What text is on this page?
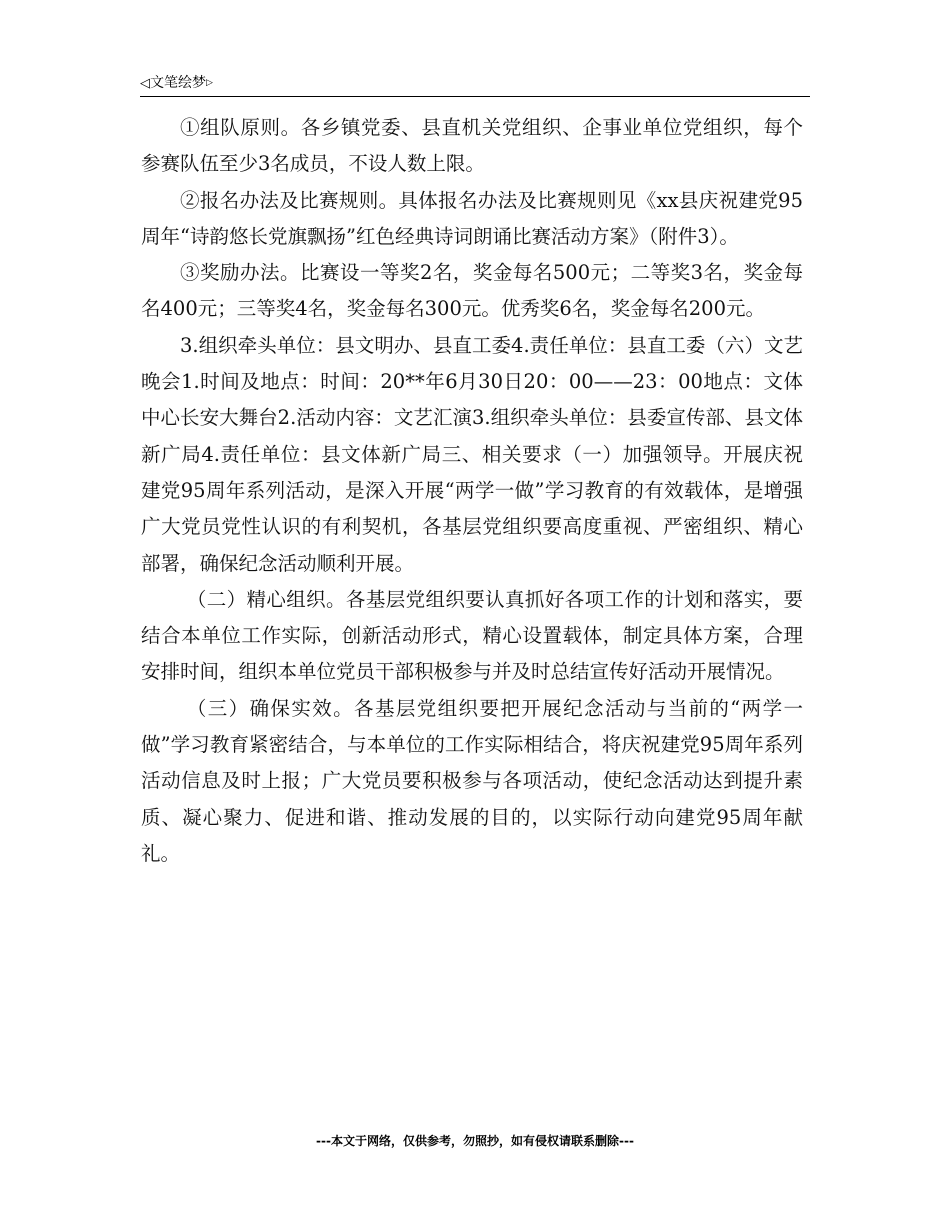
◁文笔绘梦▷

①组队原则。各乡镇党委、县直机关党组织、企事业单位党组织，每个参赛队伍至少3名成员，不设人数上限。

②报名办法及比赛规则。具体报名办法及比赛规则见《xx县庆祝建党95周年“诗韵悠长党旗飘扬”红色经典诗词朗诵比赛活动方案》（附件3）。

③奖励办法。比赛设一等奖2名，奖金每名500元；二等奖3名，奖金每名400元；三等奖4名，奖金每名300元。优秀奖6名，奖金每名200元。

3.组织牵头单位：县文明办、县直工委4.责任单位：县直工委（六）文艺晚会1.时间及地点：时间：20**年6月30日20：00——23：00地点：文体中心长安大舞台2.活动内容：文艺汇演3.组织牵头单位：县委宣传部、县文体新广局4.责任单位：县文体新广局三、相关要求（一）加强领导。开展庆祝建党95周年系列活动，是深入开展“两学一做”学习教育的有效载体，是增强广大党员党性认识的有利契机，各基层党组织要高度重视、严密组织、精心部署，确保纪念活动顺利开展。

（二）精心组织。各基层党组织要认真抓好各项工作的计划和落实，要结合本单位工作实际，创新活动形式，精心设置载体，制定具体方案，合理安排时间，组织本单位党员干部积极参与并及时总结宣传好活动开展情况。

（三）确保实效。各基层党组织要把开展纪念活动与当前的“两学一做”学习教育紧密结合，与本单位的工作实际相结合，将庆祝建党95周年系列活动信息及时上报；广大党员要积极参与各项活动，使纪念活动达到提升素质、凝心聚力、促进和谐、推动发展的目的，以实际行动向建党95周年献礼。

---本文于网络，仅供参考，勿照抄，如有侵权请联系删除---
